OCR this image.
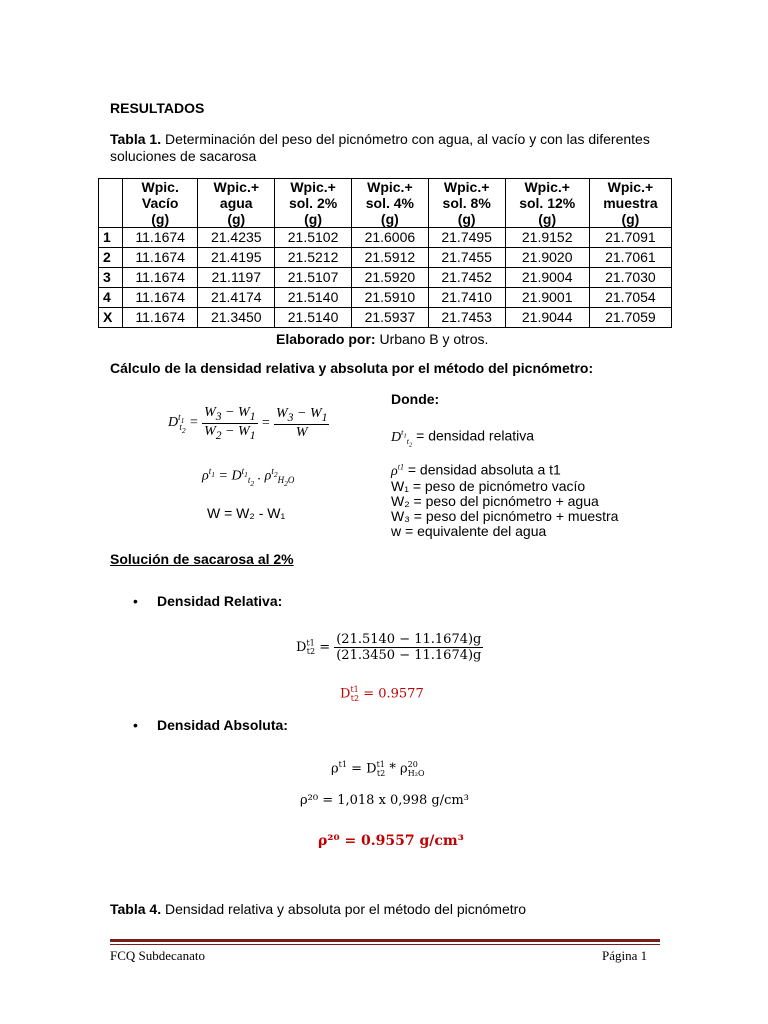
RESULTADOS
Tabla 1. Determinación del peso del picnómetro con agua, al vacío y con las diferentes soluciones de sacarosa
	Wpic.
Vacío
(g)	Wpic.+
agua
(g)	Wpic.+
sol. 2%
(g)	Wpic.+
sol. 4%
(g)	Wpic.+
sol. 8%
(g)	Wpic.+
sol. 12%
(g)	Wpic.+
muestra
(g)
1	11.1674	21.4235	21.5102	21.6006	21.7495	21.9152	21.7091
2	11.1674	21.4195	21.5212	21.5912	21.7455	21.9020	21.7061
3	11.1674	21.1197	21.5107	21.5920	21.7452	21.9004	21.7030
4	11.1674	21.4174	21.5140	21.5910	21.7410	21.9001	21.7054
X	11.1674	21.3450	21.5140	21.5937	21.7453	21.9044	21.7059
Elaborado por: Urbano B y otros.
Cálculo de la densidad relativa y absoluta por el método del picnómetro:
$D^{t_1}_{t_2} = \frac{W_3 - W_1}{W_2 - W_1} = \frac{W_3 - W_1}{W}$
$\rho^{t_1} = D^{t_1}_{t_2}$ . $\rho^{t_2}_{H_2O}$
W = W₂ - W₁
Donde:
$D^{t_1}_{t_2}$ = densidad relativa
$\rho^{t1}$ = densidad absoluta a t1
W₁ = peso de picnómetro vacío
W₂ = peso del picnómetro + agua
W₃ = peso del picnómetro + muestra
w = equivalente del agua
Solución de sacarosa al 2%
• Densidad Relativa:
$D^{t1}_{t2} = \frac{(21.5140 - 11.1674)g}{(21.3450 - 11.1674)g}$
$D^{t1}_{t2} = 0.9577$
• Densidad Absoluta:
$\rho^{t1} = D^{t1}_{t2} * \rho^{20}_{H_2O}$
ρ²⁰ = 1,018 x 0,998 g/cm³
ρ²⁰ = 0.9557 g/cm³
Tabla 4. Densidad relativa y absoluta por el método del picnómetro
FCQ Subdecanato	Página 1
